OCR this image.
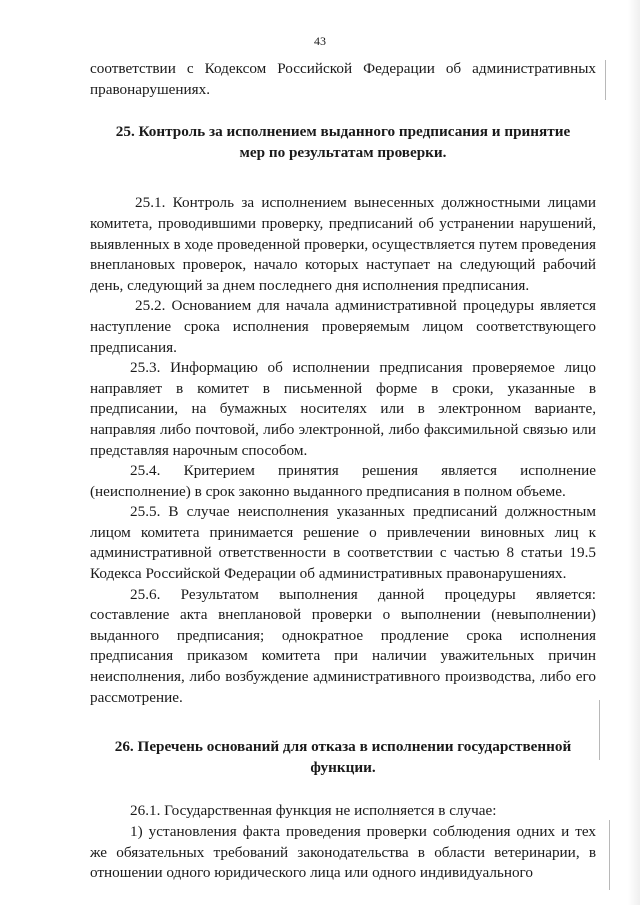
43

соответствии с Кодексом Российской Федерации об административных правонарушениях.

25. Контроль за исполнением выданного предписания и принятие мер по результатам проверки.

25.1. Контроль за исполнением вынесенных должностными лицами комитета, проводившими проверку, предписаний об устранении нарушений, выявленных в ходе проведенной проверки, осуществляется путем проведения внеплановых проверок, начало которых наступает на следующий рабочий день, следующий за днем последнего дня исполнения предписания.

25.2. Основанием для начала административной процедуры является наступление срока исполнения проверяемым лицом соответствующего предписания.

25.3. Информацию об исполнении предписания проверяемое лицо направляет в комитет в письменной форме в сроки, указанные в предписании, на бумажных носителях или в электронном варианте, направляя либо почтовой, либо электронной, либо факсимильной связью или представляя нарочным способом.

25.4. Критерием принятия решения является исполнение (неисполнение) в срок законно выданного предписания в полном объеме.

25.5. В случае неисполнения указанных предписаний должностным лицом комитета принимается решение о привлечении виновных лиц к административной ответственности в соответствии с частью 8 статьи 19.5 Кодекса Российской Федерации об административных правонарушениях.

25.6. Результатом выполнения данной процедуры является: составление акта внеплановой проверки о выполнении (невыполнении) выданного предписания; однократное продление срока исполнения предписания приказом комитета при наличии уважительных причин неисполнения, либо возбуждение административного производства, либо его рассмотрение.

26. Перечень оснований для отказа в исполнении государственной функции.

26.1. Государственная функция не исполняется в случае:

1) установления факта проведения проверки соблюдения одних и тех же обязательных требований законодательства в области ветеринарии, в отношении одного юридического лица или одного индивидуального
